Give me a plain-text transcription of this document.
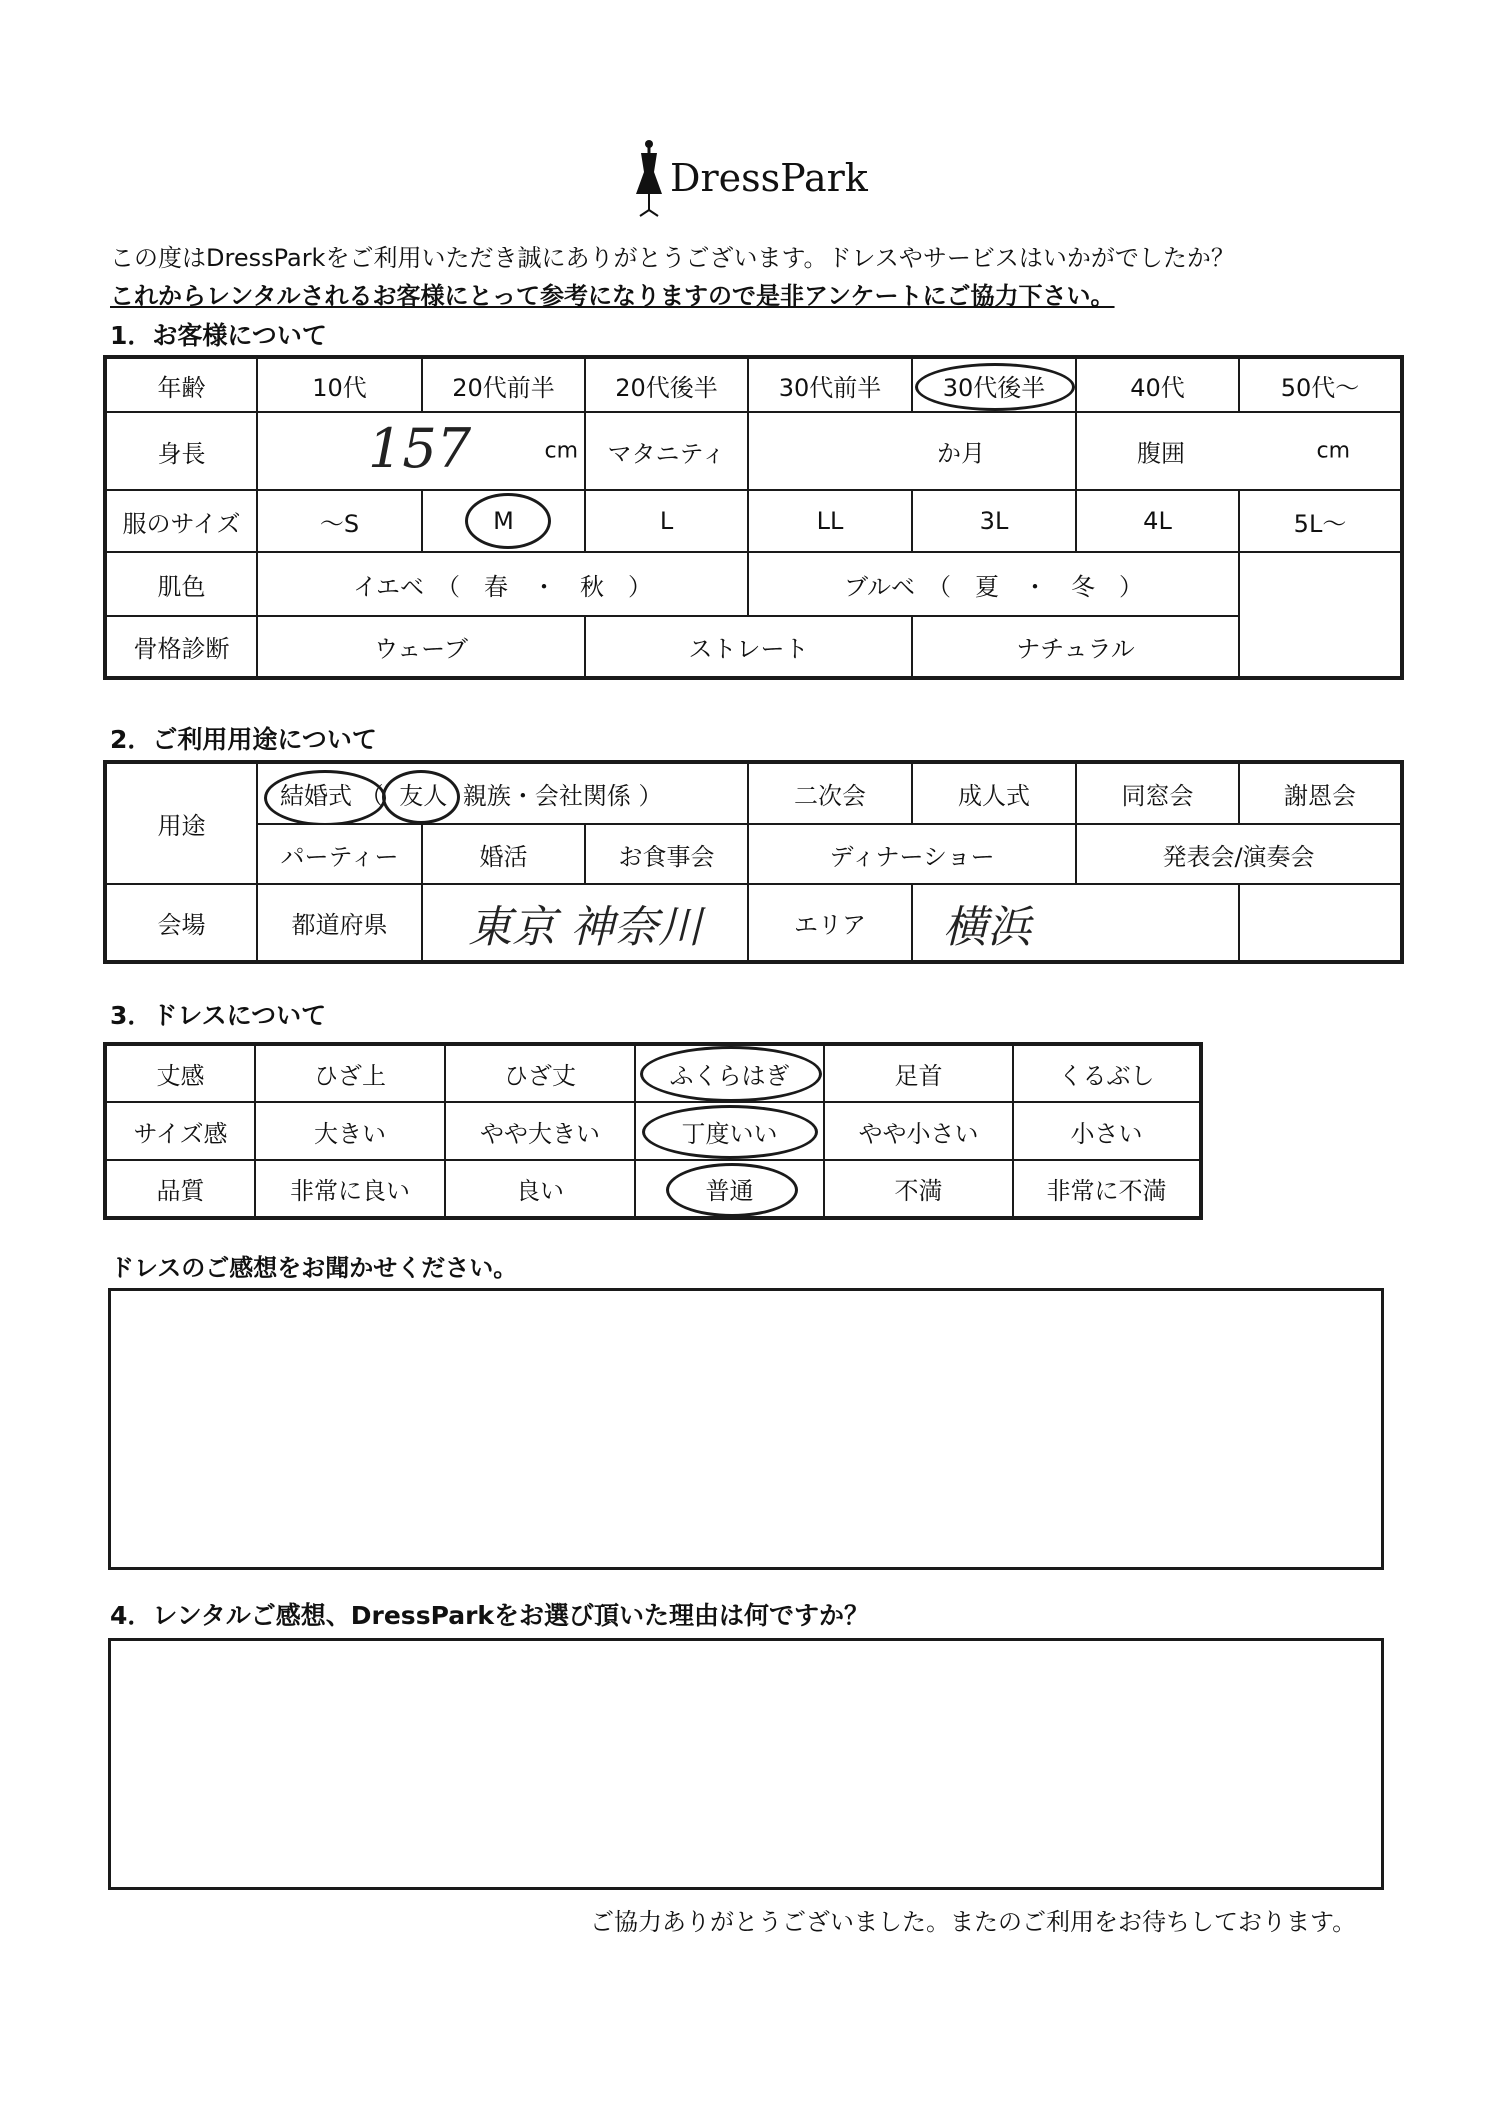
DressPark
この度はDressParkをご利用いただき誠にありがとうございます。ドレスやサービスはいかがでしたか？
これからレンタルされるお客様にとって参考になりますので是非アンケートにご協力下さい。
1．お客様について
年齢	10代	20代前半	20代後半	30代前半	30代後半	40代	50代～
身長	157 cm		マタニティ	か月		腹囲 cm	

服のサイズ	～S	M	L	LL	3L	4L	5L～
肌色	イエベ　（　春　・　秋　）			ブルベ　（　夏　・　冬　）			
骨格診断	ウェーブ		ストレート		ナチュラル		
2．ご利用用途について
用途	結婚式 （ 友人 親族・会社関係 ）			二次会	成人式	同窓会	謝恩会
	パーティー	婚活	お食事会	ディナーショー		発表会/演奏会	
会場	都道府県	東京 神奈川		エリア	横浜		
3．ドレスについて
丈感	ひざ上	ひざ丈	ふくらはぎ	足首	くるぶし
サイズ感	大きい	やや大きい	丁度いい	やや小さい	小さい
品質	非常に良い	良い	普通	不満	非常に不満
ドレスのご感想をお聞かせください。
4．レンタルご感想、DressParkをお選び頂いた理由は何ですか？
ご協力ありがとうございました。またのご利用をお待ちしております。
